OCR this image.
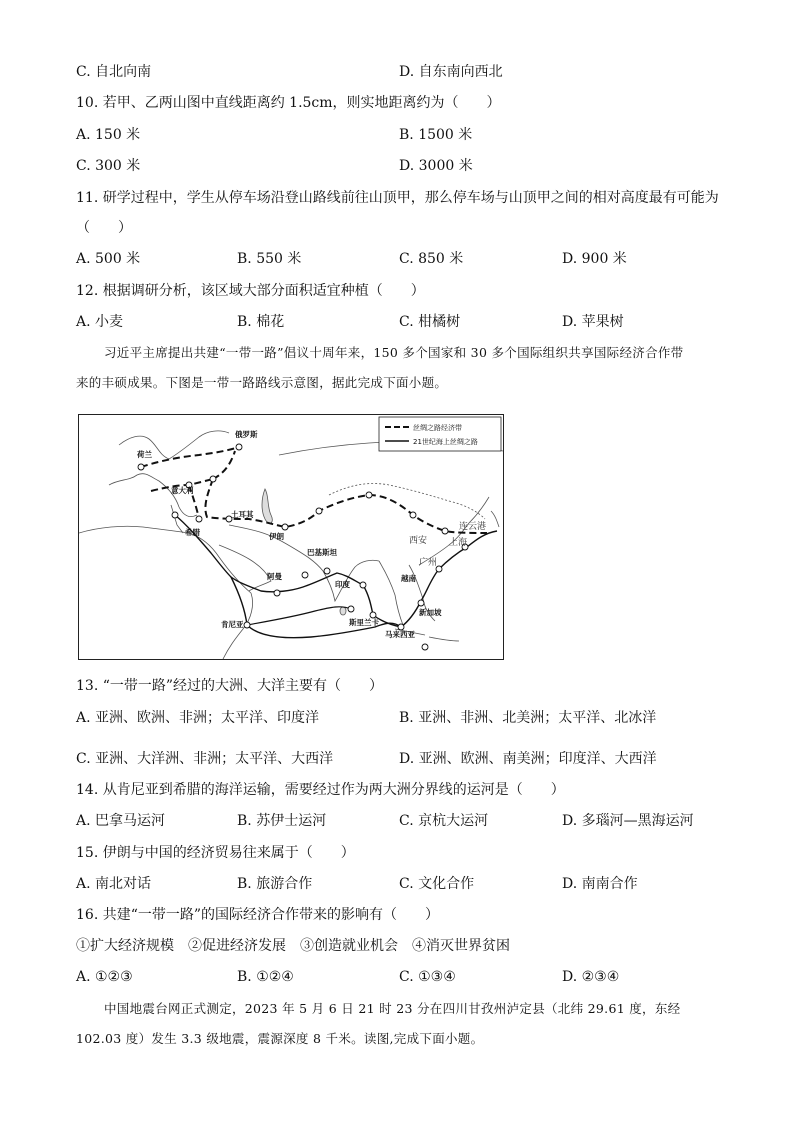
C. 自北向南	D. 自东南向西北
10. 若甲、乙两山图中直线距离约 1.5cm，则实地距离约为（　　）
A. 150 米	B. 1500 米
C. 300 米	D. 3000 米
11. 研学过程中，学生从停车场沿登山路线前往山顶甲，那么停车场与山顶甲之间的相对高度最有可能为
（　　）
A. 500 米	B. 550 米	C. 850 米	D. 900 米
12. 根据调研分析，该区域大部分面积适宜种植（　　）
A. 小麦	B. 棉花	C. 柑橘树	D. 苹果树
习近平主席提出共建“一带一路”倡议十周年来，150 多个国家和 30 多个国际组织共享国际经济合作带
来的丰硕成果。下图是一带一路路线示意图，据此完成下面小题。
丝绸之路经济带
21世纪海上丝绸之路
荷兰
俄罗斯
意大利
土耳其
希腊	伊朗
巴基斯坦
阿曼
印度
斯里兰卡
越南
新加坡
马来西亚
肯尼亚
西安 上海
广州
连云港
13. “一带一路”经过的大洲、大洋主要有（　　）
A. 亚洲、欧洲、非洲；太平洋、印度洋	B. 亚洲、非洲、北美洲；太平洋、北冰洋
C. 亚洲、大洋洲、非洲；太平洋、大西洋	D. 亚洲、欧洲、南美洲；印度洋、大西洋
14. 从肯尼亚到希腊的海洋运输，需要经过作为两大洲分界线的运河是（　　）
A. 巴拿马运河	B. 苏伊士运河	C. 京杭大运河	D. 多瑙河—黑海运河
15. 伊朗与中国的经济贸易往来属于（　　）
A. 南北对话	B. 旅游合作	C. 文化合作	D. 南南合作
16. 共建“一带一路”的国际经济合作带来的影响有（　　）
①扩大经济规模　②促进经济发展　③创造就业机会　④消灭世界贫困
A. ①②③	B. ①②④	C. ①③④	D. ②③④
中国地震台网正式测定，2023 年 5 月 6 日 21 时 23 分在四川甘孜州泸定县（北纬 29.61 度，东经
102.03 度）发生 3.3 级地震，震源深度 8 千米。读图,完成下面小题。
